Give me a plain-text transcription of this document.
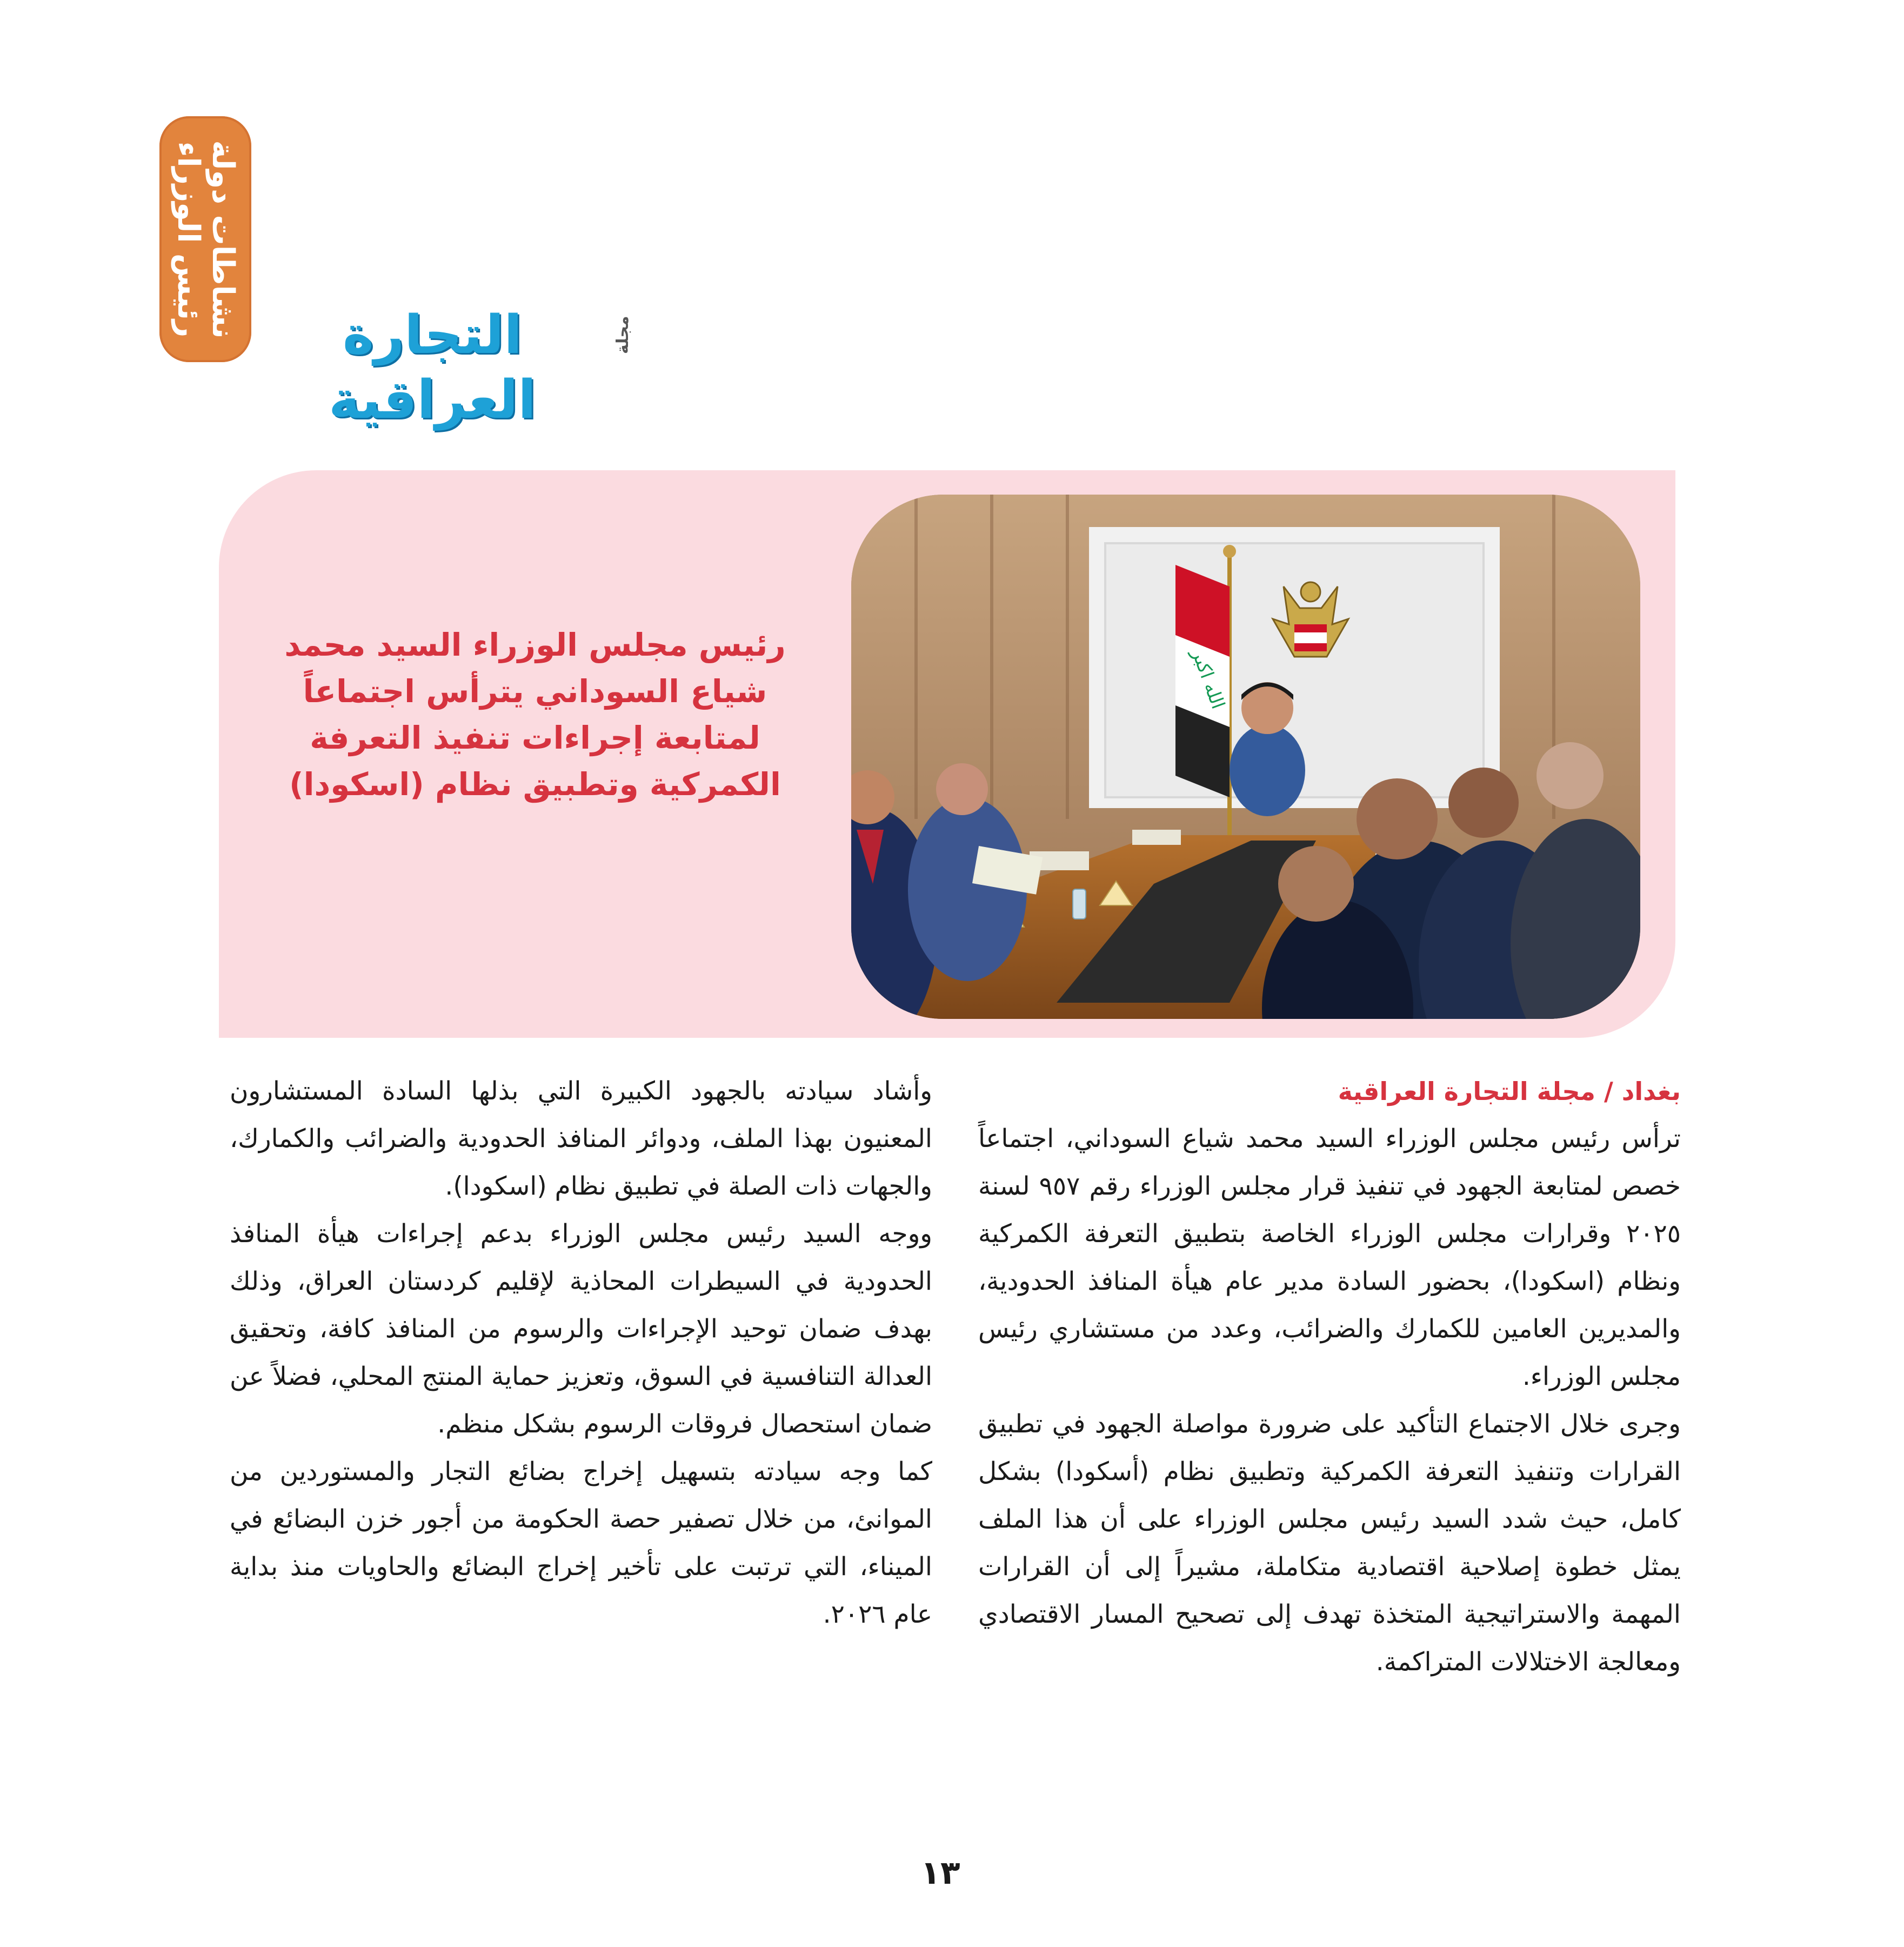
نشاطات دولة رئيس الوزراء	التجارة العراقية
مجلة
الله اكبر
رئيس مجلس الوزراء السيد محمد شياع السوداني يترأس اجتماعاً لمتابعة إجراءات تنفيذ التعرفة الكمركية وتطبيق نظام (اسكودا)

بغداد / مجلة التجارة العراقية

ترأس رئيس مجلس الوزراء السيد محمد شياع السوداني، اجتماعاً خصص لمتابعة الجهود في تنفيذ قرار مجلس الوزراء رقم ٩٥٧ لسنة ٢٠٢٥ وقرارات مجلس الوزراء الخاصة بتطبيق التعرفة الكمركية ونظام (اسكودا)، بحضور السادة مدير عام هيأة المنافذ الحدودية، والمديرين العامين للكمارك والضرائب، وعدد من مستشاري رئيس مجلس الوزراء.

وجرى خلال الاجتماع التأكيد على ضرورة مواصلة الجهود في تطبيق القرارات وتنفيذ التعرفة الكمركية وتطبيق نظام (أسكودا) بشكل كامل، حيث شدد السيد رئيس مجلس الوزراء على أن هذا الملف يمثل خطوة إصلاحية اقتصادية متكاملة، مشيراً إلى أن القرارات المهمة والاستراتيجية المتخذة تهدف إلى تصحيح المسار الاقتصادي ومعالجة الاختلالات المتراكمة.

وأشاد سيادته بالجهود الكبيرة التي بذلها السادة المستشارون المعنيون بهذا الملف، ودوائر المنافذ الحدودية والضرائب والكمارك، والجهات ذات الصلة في تطبيق نظام (اسكودا).

ووجه السيد رئيس مجلس الوزراء بدعم إجراءات هيأة المنافذ الحدودية في السيطرات المحاذية لإقليم كردستان العراق، وذلك بهدف ضمان توحيد الإجراءات والرسوم من المنافذ كافة، وتحقيق العدالة التنافسية في السوق، وتعزيز حماية المنتج المحلي، فضلاً عن ضمان استحصال فروقات الرسوم بشكل منظم.

كما وجه سيادته بتسهيل إخراج بضائع التجار والمستوردين من الموانئ، من خلال تصفير حصة الحكومة من أجور خزن البضائع في الميناء، التي ترتبت على تأخير إخراج البضائع والحاويات منذ بداية عام ٢٠٢٦.

١٣
